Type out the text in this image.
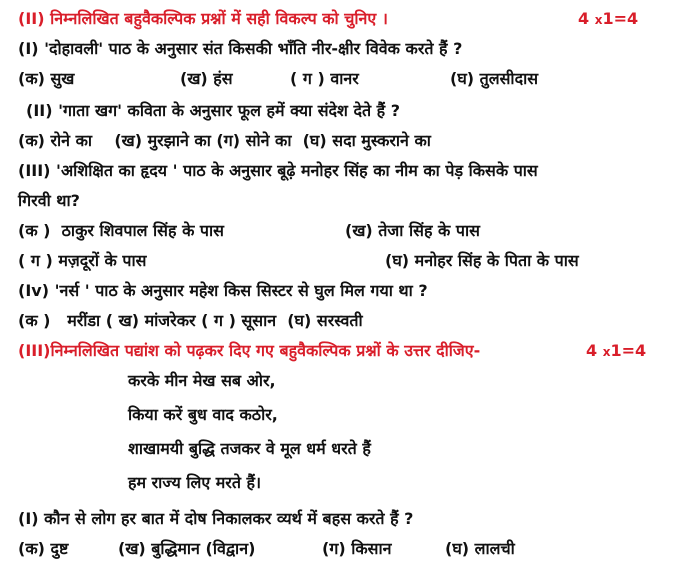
(II) निम्नलिखित बहुवैकल्पिक प्रश्नों में सही विकल्प को चुनिए ।	4 x1=4
(I) 'दोहावली' पाठ के अनुसार संत किसकी भाँति नीर-क्षीर विवेक करते हैं ?
(क) सुख	(ख) हंस	( ग ) वानर	(घ) तुलसीदास
(II) 'गाता खग' कविता के अनुसार फूल हमें क्या संदेश देते हैं ?
(क) रोने का    (ख) मुरझाने का (ग) सोने का  (घ) सदा मुस्कराने का
(III) 'अशिक्षित का हृदय ' पाठ के अनुसार बूढ़े मनोहर सिंह का नीम का पेड़ किसके पास
गिरवी था?
(क )  ठाकुर शिवपाल सिंह के पास	(ख) तेजा सिंह के पास
( ग ) मज़दूरों के पास	(घ) मनोहर सिंह के पिता के पास
(Iv) 'नर्स ' पाठ के अनुसार महेश किस सिस्टर से घुल मिल गया था ?
(क )   मरींडा ( ख) मांजरेकर ( ग ) सूसान  (घ) सरस्वती
(III)निम्नलिखित पद्यांश को पढ़कर दिए गए बहुवैकल्पिक प्रश्नों के उत्तर दीजिए-	4 x1=4
करके मीन मेख सब ओर,
किया करें बुध वाद कठोर,
शाखामयी बुद्धि तजकर वे मूल धर्म धरते हैं
हम राज्य लिए मरते हैं।
(I) कौन से लोग हर बात में दोष निकालकर व्यर्थ में बहस करते हैं ?
(क) दुष्ट	(ख) बुद्धिमान (विद्वान)	(ग) किसान	(घ) लालची
